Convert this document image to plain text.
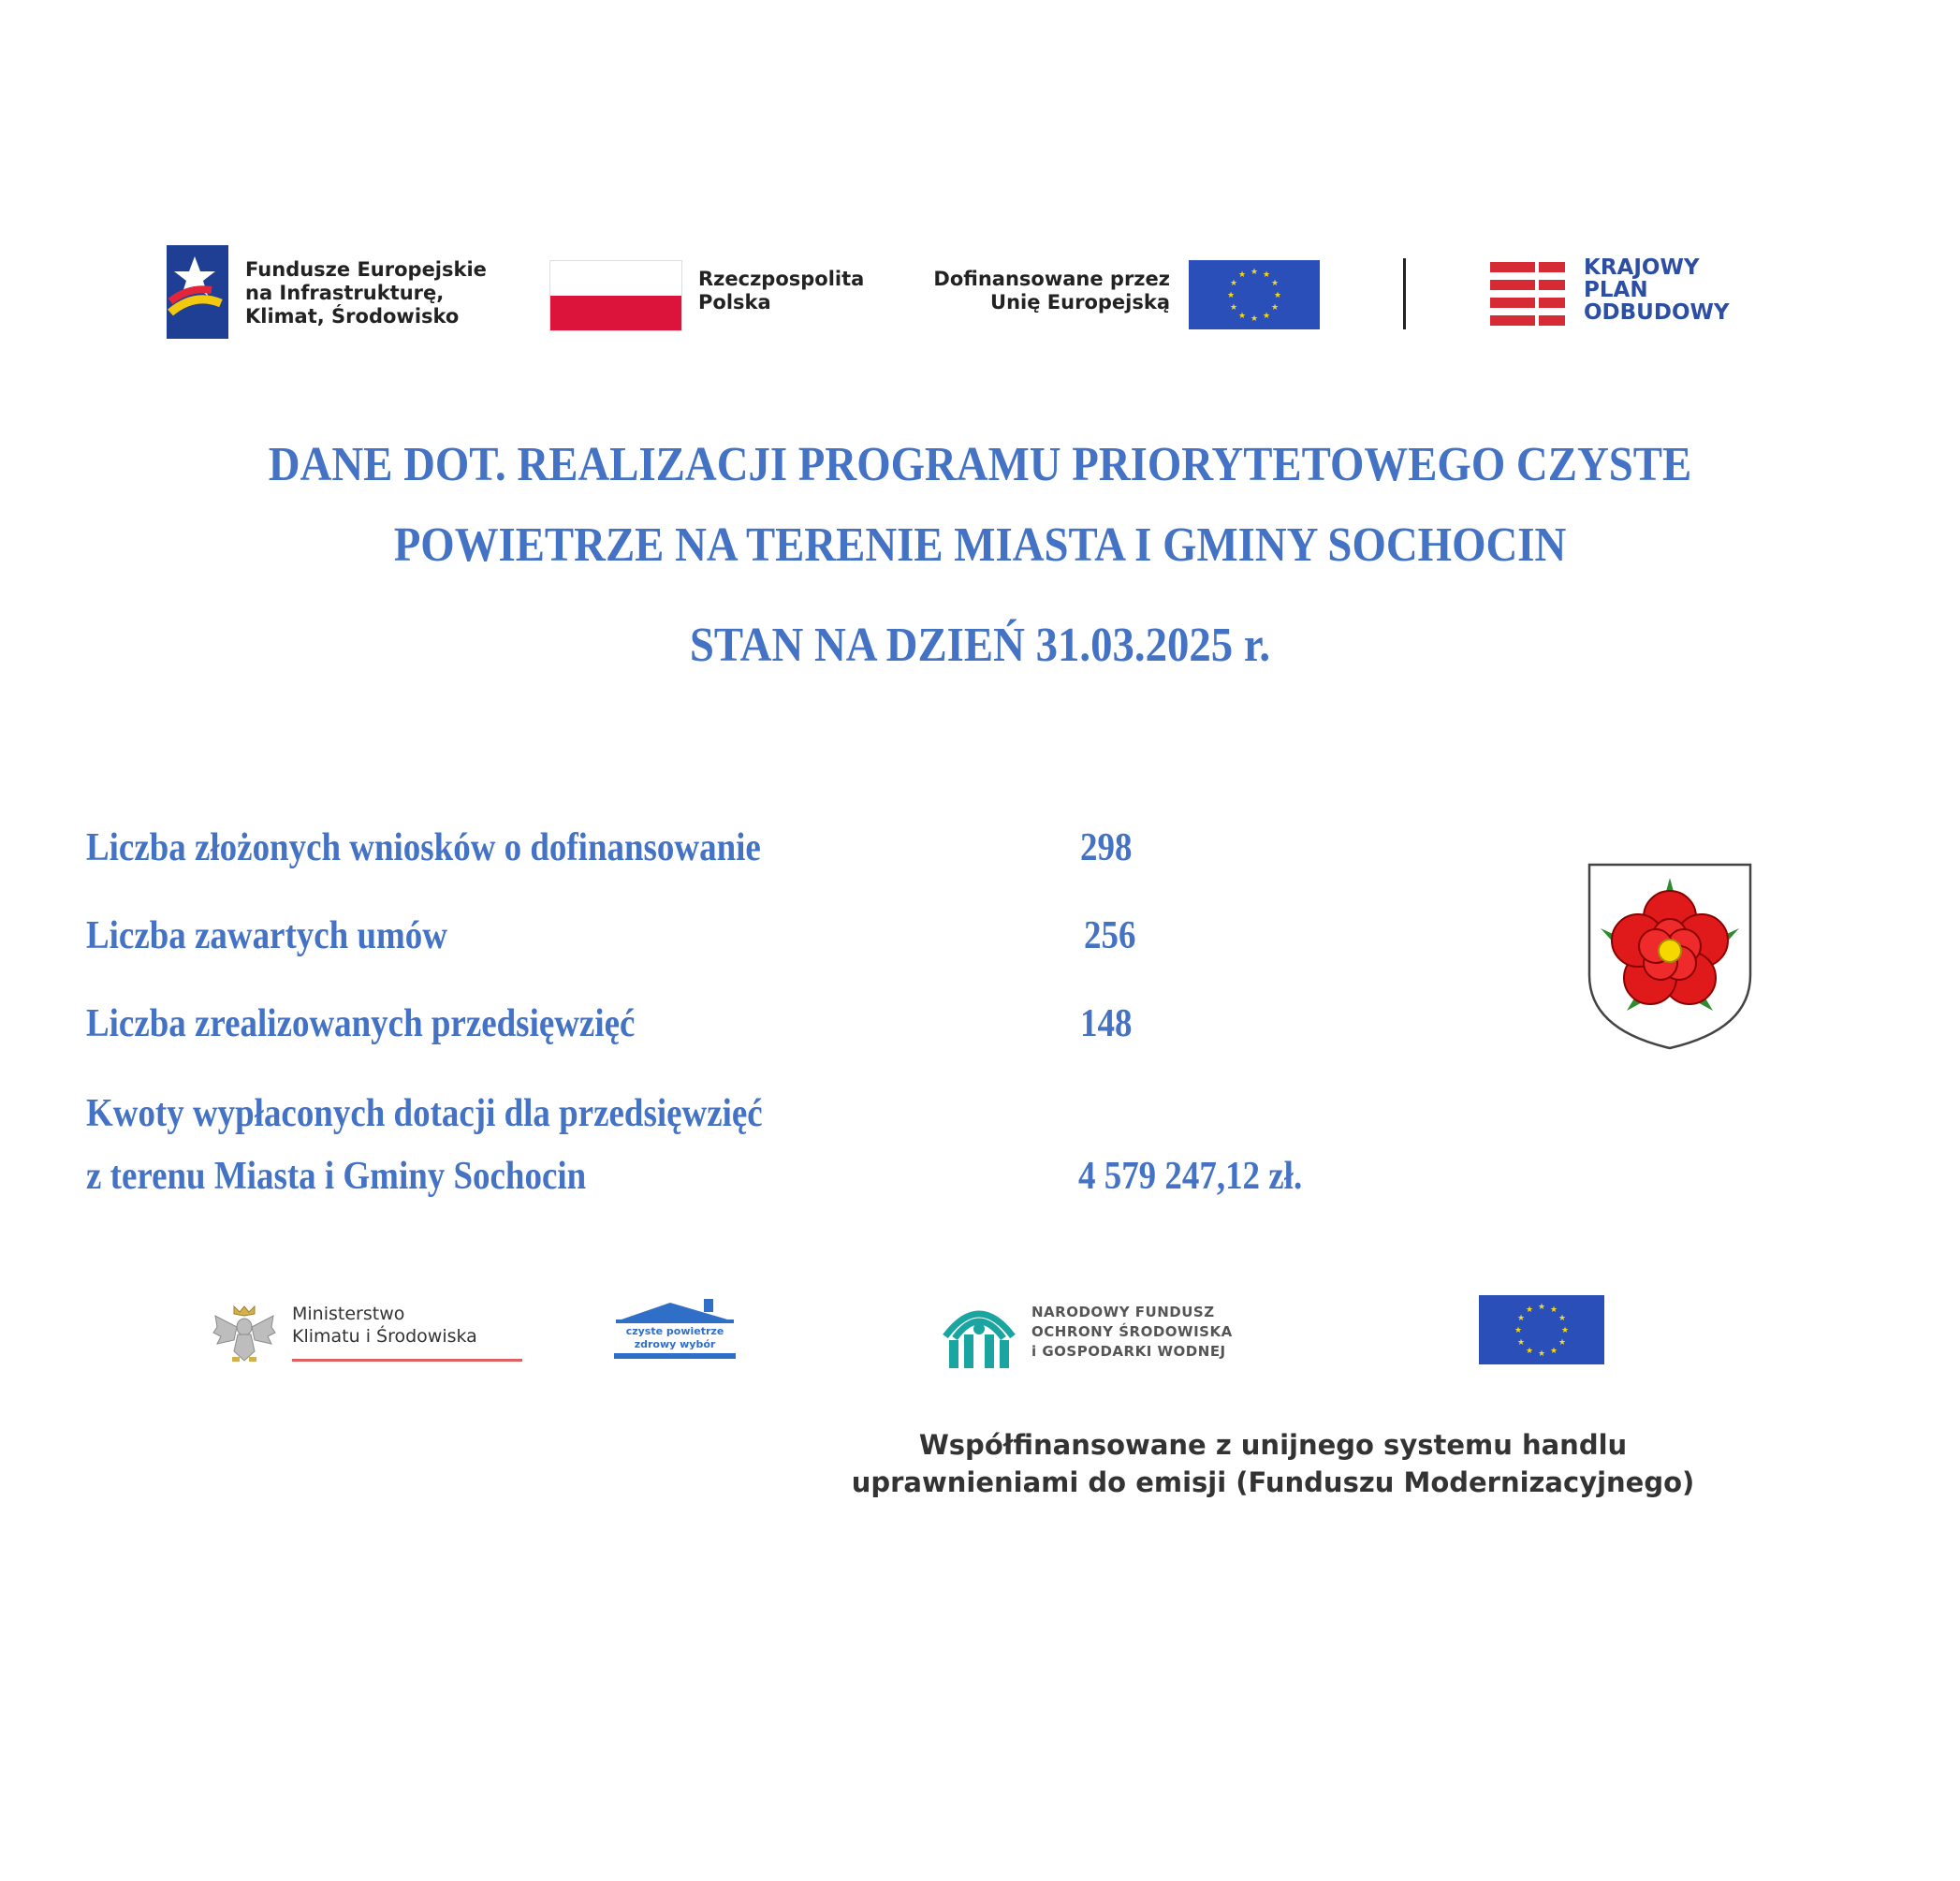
Fundusze Europejskie
na Infrastrukturę,
Klimat, Środowisko
Rzeczpospolita
Polska
Dofinansowane przez
Unię Europejską
★ ★
★
★
★
★
★
★
★
★
★
★	KRAJOWY
PLAN
ODBUDOWY
DANE DOT. REALIZACJI PROGRAMU PRIORYTETOWEGO CZYSTE
POWIETRZE NA TERENIE MIASTA I GMINY SOCHOCIN
STAN NA DZIEŃ 31.03.2025 r.
Liczba złożonych wniosków o dofinansowanie	298
Liczba zawartych umów	256
Liczba zrealizowanych przedsięwzięć	148
Kwoty wypłaconych dotacji dla przedsięwzięć
z terenu Miasta i Gminy Sochocin	4 579 247,12 zł.
Ministerstwo
Klimatu i Środowiska	czyste powietrze
zdrowy wybór
NARODOWY FUNDUSZ
OCHRONY ŚRODOWISKA
i GOSPODARKI WODNEJ
★ ★
★
★
★
★
★
★
★
★
★
★
Współfinansowane z unijnego systemu handlu
uprawnieniami do emisji (Funduszu Modernizacyjnego)
